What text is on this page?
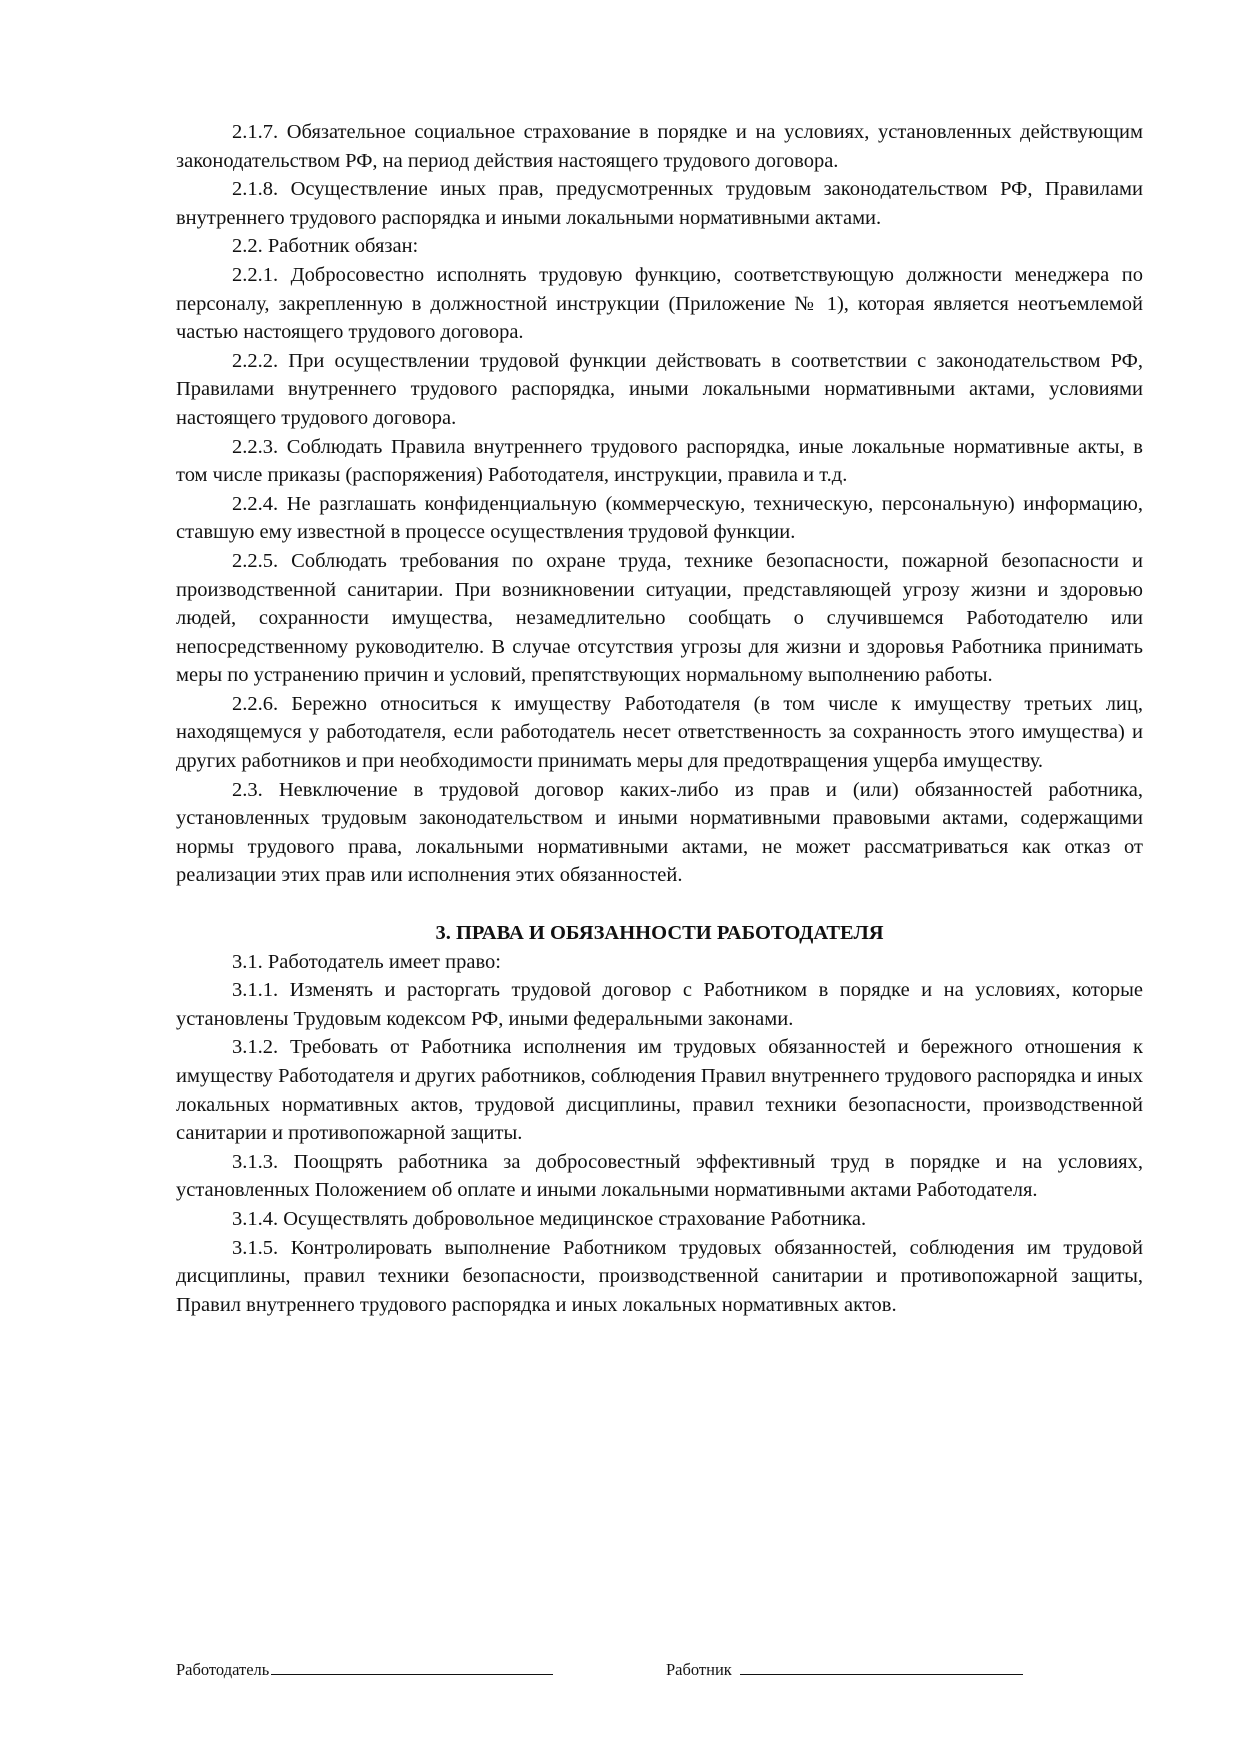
2.1.7. Обязательное социальное страхование в порядке и на условиях, установленных действующим законодательством РФ, на период действия настоящего трудового договора.

2.1.8. Осуществление иных прав, предусмотренных трудовым законодательством РФ, Правилами внутреннего трудового распорядка и иными локальными нормативными актами.

2.2. Работник обязан:

2.2.1. Добросовестно исполнять трудовую функцию, соответствующую должности менеджера по персоналу, закрепленную в должностной инструкции (Приложение № 1), которая является неотъемлемой частью настоящего трудового договора.

2.2.2. При осуществлении трудовой функции действовать в соответствии с законодательством РФ, Правилами внутреннего трудового распорядка, иными локальными нормативными актами, условиями настоящего трудового договора.

2.2.3. Соблюдать Правила внутреннего трудового распорядка, иные локальные нормативные акты, в том числе приказы (распоряжения) Работодателя, инструкции, правила и т.д.

2.2.4. Не разглашать конфиденциальную (коммерческую, техническую, персональную) информацию, ставшую ему известной в процессе осуществления трудовой функции.

2.2.5. Соблюдать требования по охране труда, технике безопасности, пожарной безопасности и производственной санитарии. При возникновении ситуации, представляющей угрозу жизни и здоровью людей, сохранности имущества, незамедлительно сообщать о случившемся Работодателю или непосредственному руководителю. В случае отсутствия угрозы для жизни и здоровья Работника принимать меры по устранению причин и условий, препятствующих нормальному выполнению работы.

2.2.6. Бережно относиться к имуществу Работодателя (в том числе к имуществу третьих лиц, находящемуся у работодателя, если работодатель несет ответственность за сохранность этого имущества) и других работников и при необходимости принимать меры для предотвращения ущерба имуществу.

2.3. Невключение в трудовой договор каких-либо из прав и (или) обязанностей работника, установленных трудовым законодательством и иными нормативными правовыми актами, содержащими нормы трудового права, локальными нормативными актами, не может рассматриваться как отказ от реализации этих прав или исполнения этих обязанностей.

3. ПРАВА И ОБЯЗАННОСТИ РАБОТОДАТЕЛЯ

3.1. Работодатель имеет право:

3.1.1. Изменять и расторгать трудовой договор с Работником в порядке и на условиях, которые установлены Трудовым кодексом РФ, иными федеральными законами.

3.1.2. Требовать от Работника исполнения им трудовых обязанностей и бережного отношения к имуществу Работодателя и других работников, соблюдения Правил внутреннего трудового распорядка и иных локальных нормативных актов, трудовой дисциплины, правил техники безопасности, производственной санитарии и противопожарной защиты.

3.1.3. Поощрять работника за добросовестный эффективный труд в порядке и на условиях, установленных Положением об оплате и иными локальными нормативными актами Работодателя.

3.1.4. Осуществлять добровольное медицинское страхование Работника.

3.1.5. Контролировать выполнение Работником трудовых обязанностей, соблюдения им трудовой дисциплины, правил техники безопасности, производственной санитарии и противопожарной защиты, Правил внутреннего трудового распорядка и иных локальных нормативных актов.

Работодатель	Работник
